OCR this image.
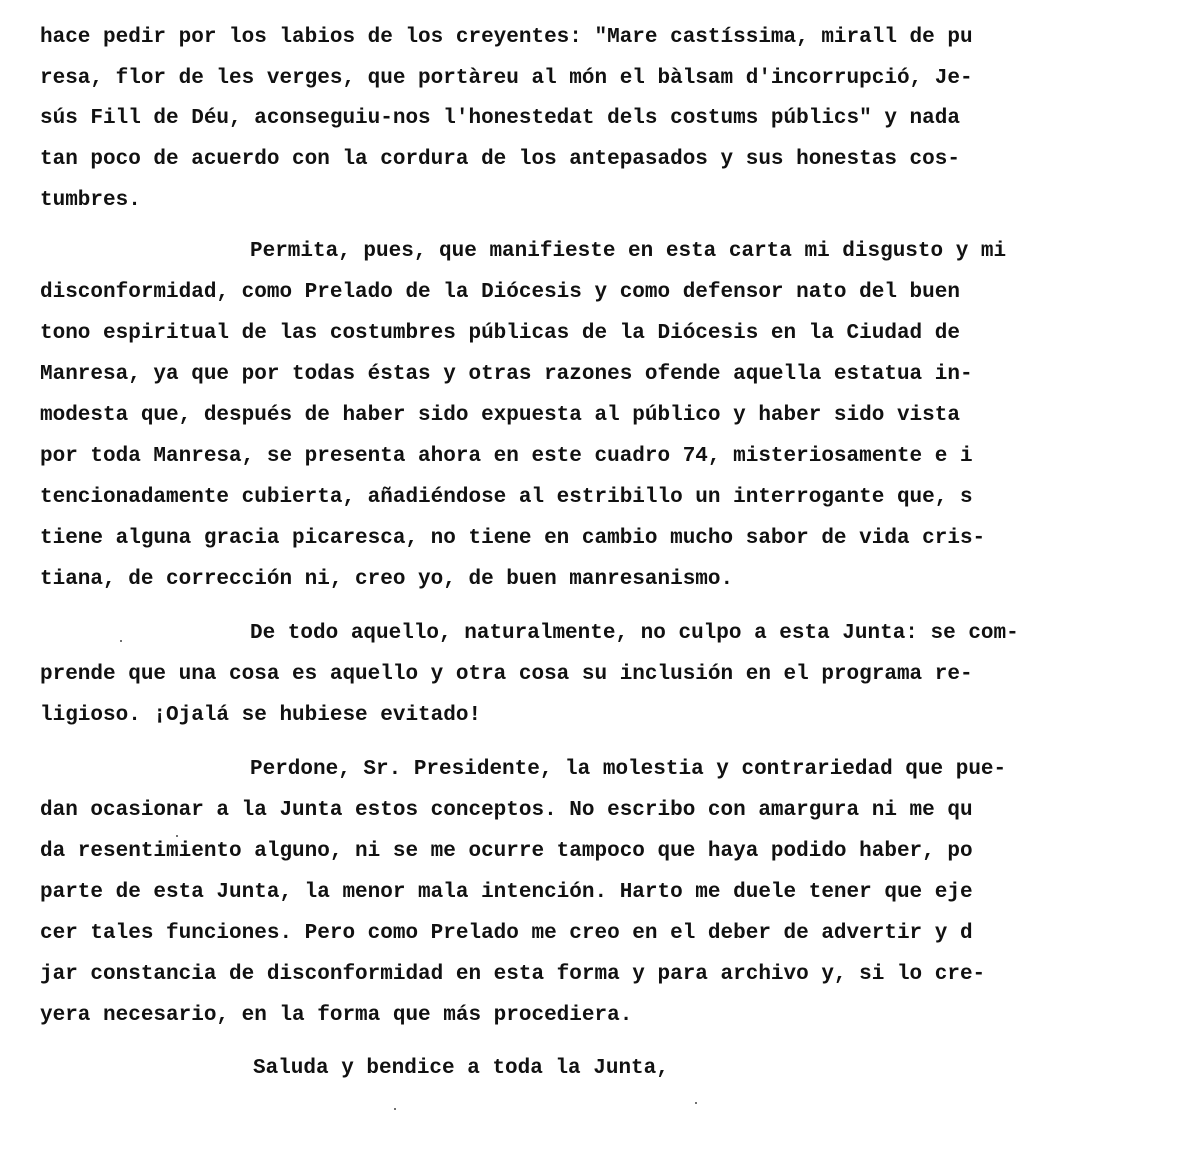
hace pedir por los labios de los creyentes: "Mare castíssima, mirall de pu
resa, flor de les verges, que portàreu al món el bàlsam d'incorrupció, Je-
sús Fill de Déu, aconseguiu-nos l'honestedat dels costums públics" y nada
tan poco de acuerdo con la cordura de los antepasados y sus honestas cos-
tumbres.
Permita, pues, que manifieste en esta carta mi disgusto y mi
disconformidad, como Prelado de la Diócesis y como defensor nato del buen
tono espiritual de las costumbres públicas de la Diócesis en la Ciudad de
Manresa, ya que por todas éstas y otras razones ofende aquella estatua in-
modesta que, después de haber sido expuesta al público y haber sido vista
por toda Manresa, se presenta ahora en este cuadro 74, misteriosamente e i
tencionadamente cubierta, añadiéndose al estribillo un interrogante que, s
tiene alguna gracia picaresca, no tiene en cambio mucho sabor de vida cris-
tiana, de corrección ni, creo yo, de buen manresanismo.
De todo aquello, naturalmente, no culpo a esta Junta: se com-
prende que una cosa es aquello y otra cosa su inclusión en el programa re-
ligioso. ¡Ojalá se hubiese evitado!
Perdone, Sr. Presidente, la molestia y contrariedad que pue-
dan ocasionar a la Junta estos conceptos. No escribo con amargura ni me qu
da resentimiento alguno, ni se me ocurre tampoco que haya podido haber, po
parte de esta Junta, la menor mala intención. Harto me duele tener que eje
cer tales funciones. Pero como Prelado me creo en el deber de advertir y d
jar constancia de disconformidad en esta forma y para archivo y, si lo cre-
yera necesario, en la forma que más procediera.
Saluda y bendice a toda la Junta,
